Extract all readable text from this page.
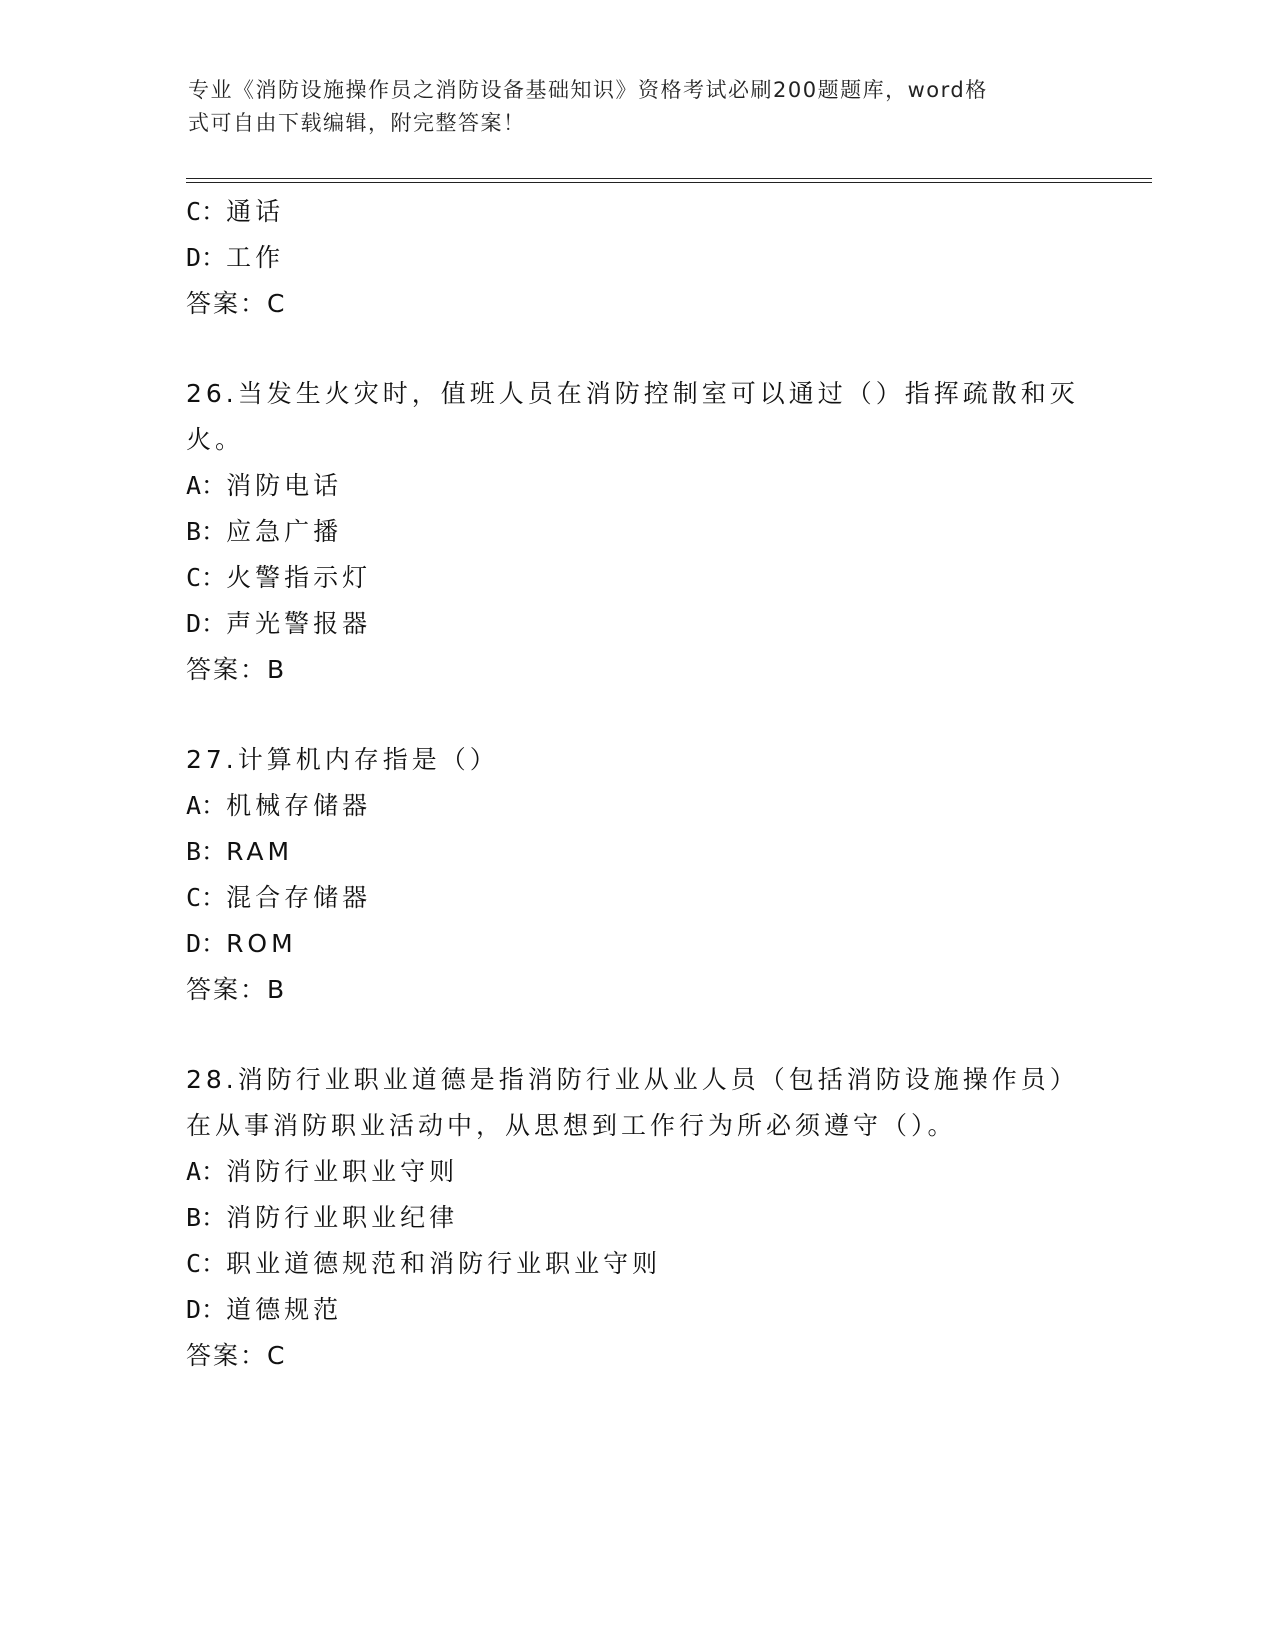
专业《消防设施操作员之消防设备基础知识》资格考试必刷200题题库，word格
式可自由下载编辑，附完整答案！
C：通话
D：工作
答案：C
26.当发生火灾时，值班人员在消防控制室可以通过（）指挥疏散和灭
火。
A：消防电话
B：应急广播
C：火警指示灯
D：声光警报器
答案：B
27.计算机内存指是（）
A：机械存储器
B：RAM
C：混合存储器
D：ROM
答案：B
28.消防行业职业道德是指消防行业从业人员（包括消防设施操作员）
在从事消防职业活动中，从思想到工作行为所必须遵守（）。
A：消防行业职业守则
B：消防行业职业纪律
C：职业道德规范和消防行业职业守则
D：道德规范
答案：C
